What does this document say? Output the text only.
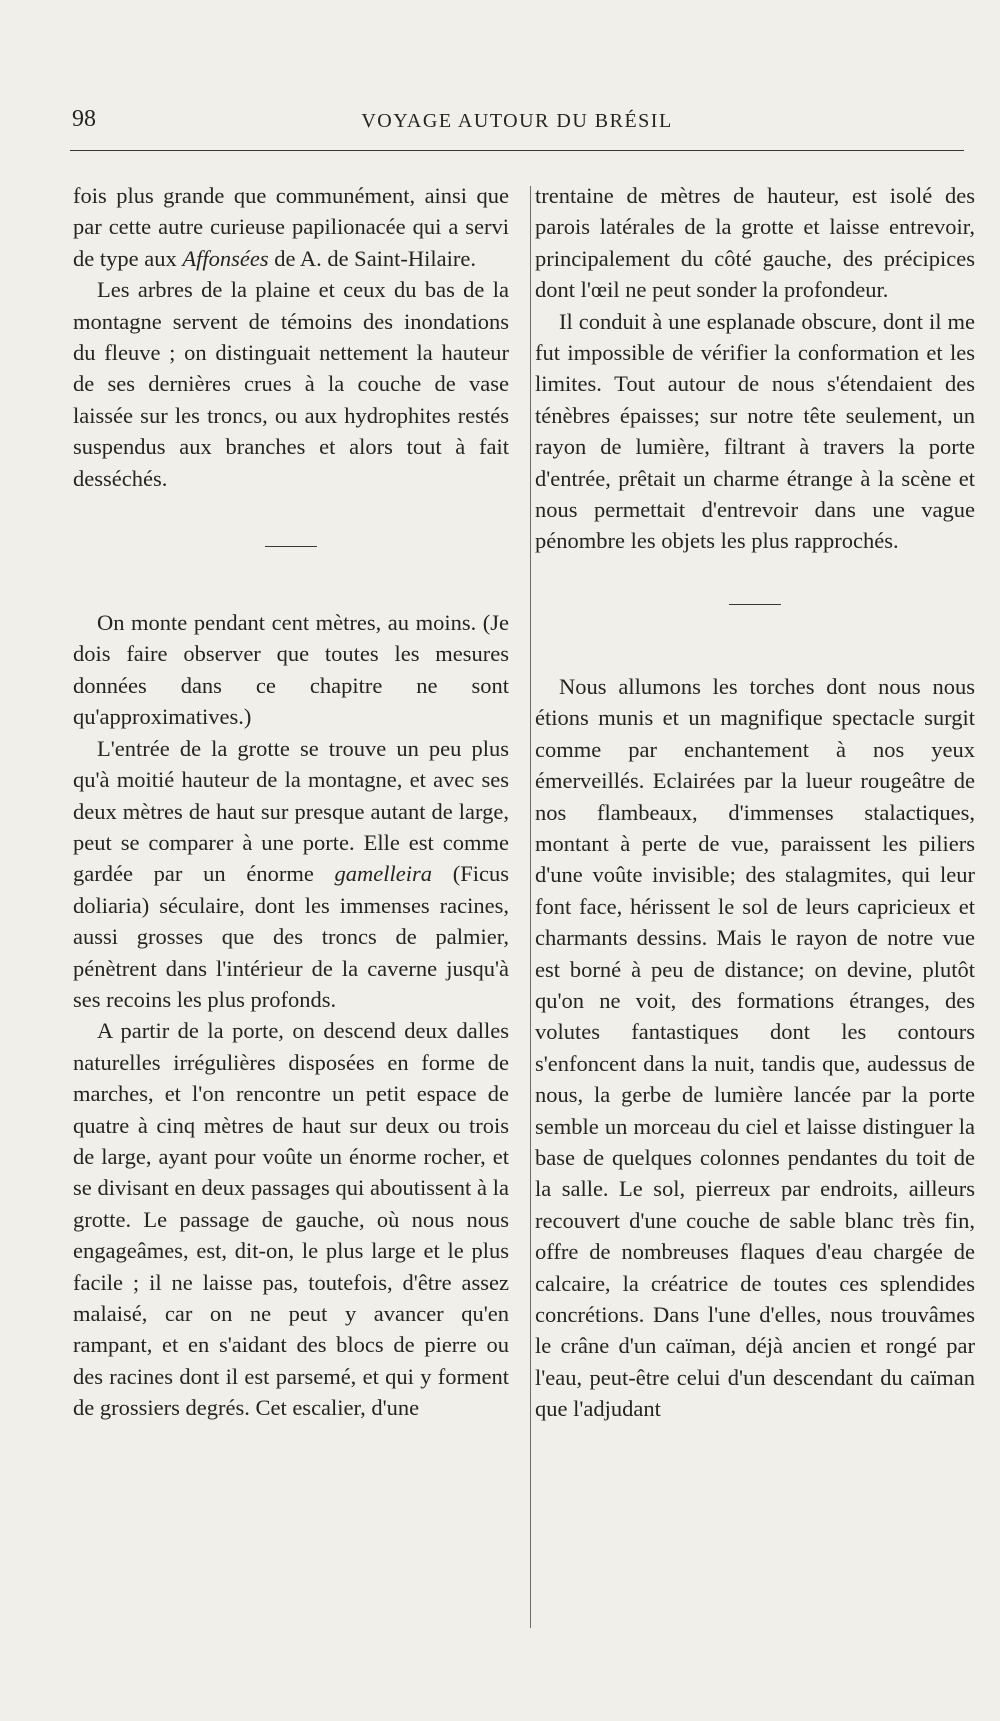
98	VOYAGE AUTOUR DU BRÉSIL

fois plus grande que communément, ainsi que par cette autre curieuse papilionacée qui a servi de type aux Affonsées de A. de Saint-Hilaire.

Les arbres de la plaine et ceux du bas de la montagne servent de témoins des inondations du fleuve ; on distinguait nettement la hauteur de ses dernières crues à la couche de vase laissée sur les troncs, ou aux hydrophites restés suspendus aux branches et alors tout à fait desséchés.

On monte pendant cent mètres, au moins. (Je dois faire observer que toutes les mesures données dans ce chapitre ne sont qu'approximatives.)

L'entrée de la grotte se trouve un peu plus qu'à moitié hauteur de la montagne, et avec ses deux mètres de haut sur presque autant de large, peut se comparer à une porte. Elle est comme gardée par un énorme gamelleira (Ficus doliaria) séculaire, dont les immenses racines, aussi grosses que des troncs de palmier, pénètrent dans l'intérieur de la caverne jusqu'à ses recoins les plus profonds.

A partir de la porte, on descend deux dalles naturelles irrégulières disposées en forme de marches, et l'on rencontre un petit espace de quatre à cinq mètres de haut sur deux ou trois de large, ayant pour voûte un énorme rocher, et se divisant en deux passages qui aboutissent à la grotte. Le passage de gauche, où nous nous engageâmes, est, dit-on, le plus large et le plus facile ; il ne laisse pas, toutefois, d'être assez malaisé, car on ne peut y avancer qu'en rampant, et en s'aidant des blocs de pierre ou des racines dont il est parsemé, et qui y forment de grossiers degrés. Cet escalier, d'une

trentaine de mètres de hauteur, est isolé des parois latérales de la grotte et laisse entrevoir, principalement du côté gauche, des précipices dont l'œil ne peut sonder la profondeur.

Il conduit à une esplanade obscure, dont il me fut impossible de vérifier la conformation et les limites. Tout autour de nous s'étendaient des ténèbres épaisses; sur notre tête seulement, un rayon de lumière, filtrant à travers la porte d'entrée, prêtait un charme étrange à la scène et nous permettait d'entrevoir dans une vague pénombre les objets les plus rapprochés.

Nous allumons les torches dont nous nous étions munis et un magnifique spectacle surgit comme par enchantement à nos yeux émerveillés. Eclairées par la lueur rougeâtre de nos flambeaux, d'immenses stalactiques, montant à perte de vue, paraissent les piliers d'une voûte invisible; des stalagmites, qui leur font face, hérissent le sol de leurs capricieux et charmants dessins. Mais le rayon de notre vue est borné à peu de distance; on devine, plutôt qu'on ne voit, des formations étranges, des volutes fantastiques dont les contours s'enfoncent dans la nuit, tandis que, audessus de nous, la gerbe de lumière lancée par la porte semble un morceau du ciel et laisse distinguer la base de quelques colonnes pendantes du toit de la salle. Le sol, pierreux par endroits, ailleurs recouvert d'une couche de sable blanc très fin, offre de nombreuses flaques d'eau chargée de calcaire, la créatrice de toutes ces splendides concrétions. Dans l'une d'elles, nous trouvâmes le crâne d'un caïman, déjà ancien et rongé par l'eau, peut-être celui d'un descendant du caïman que l'adjudant
